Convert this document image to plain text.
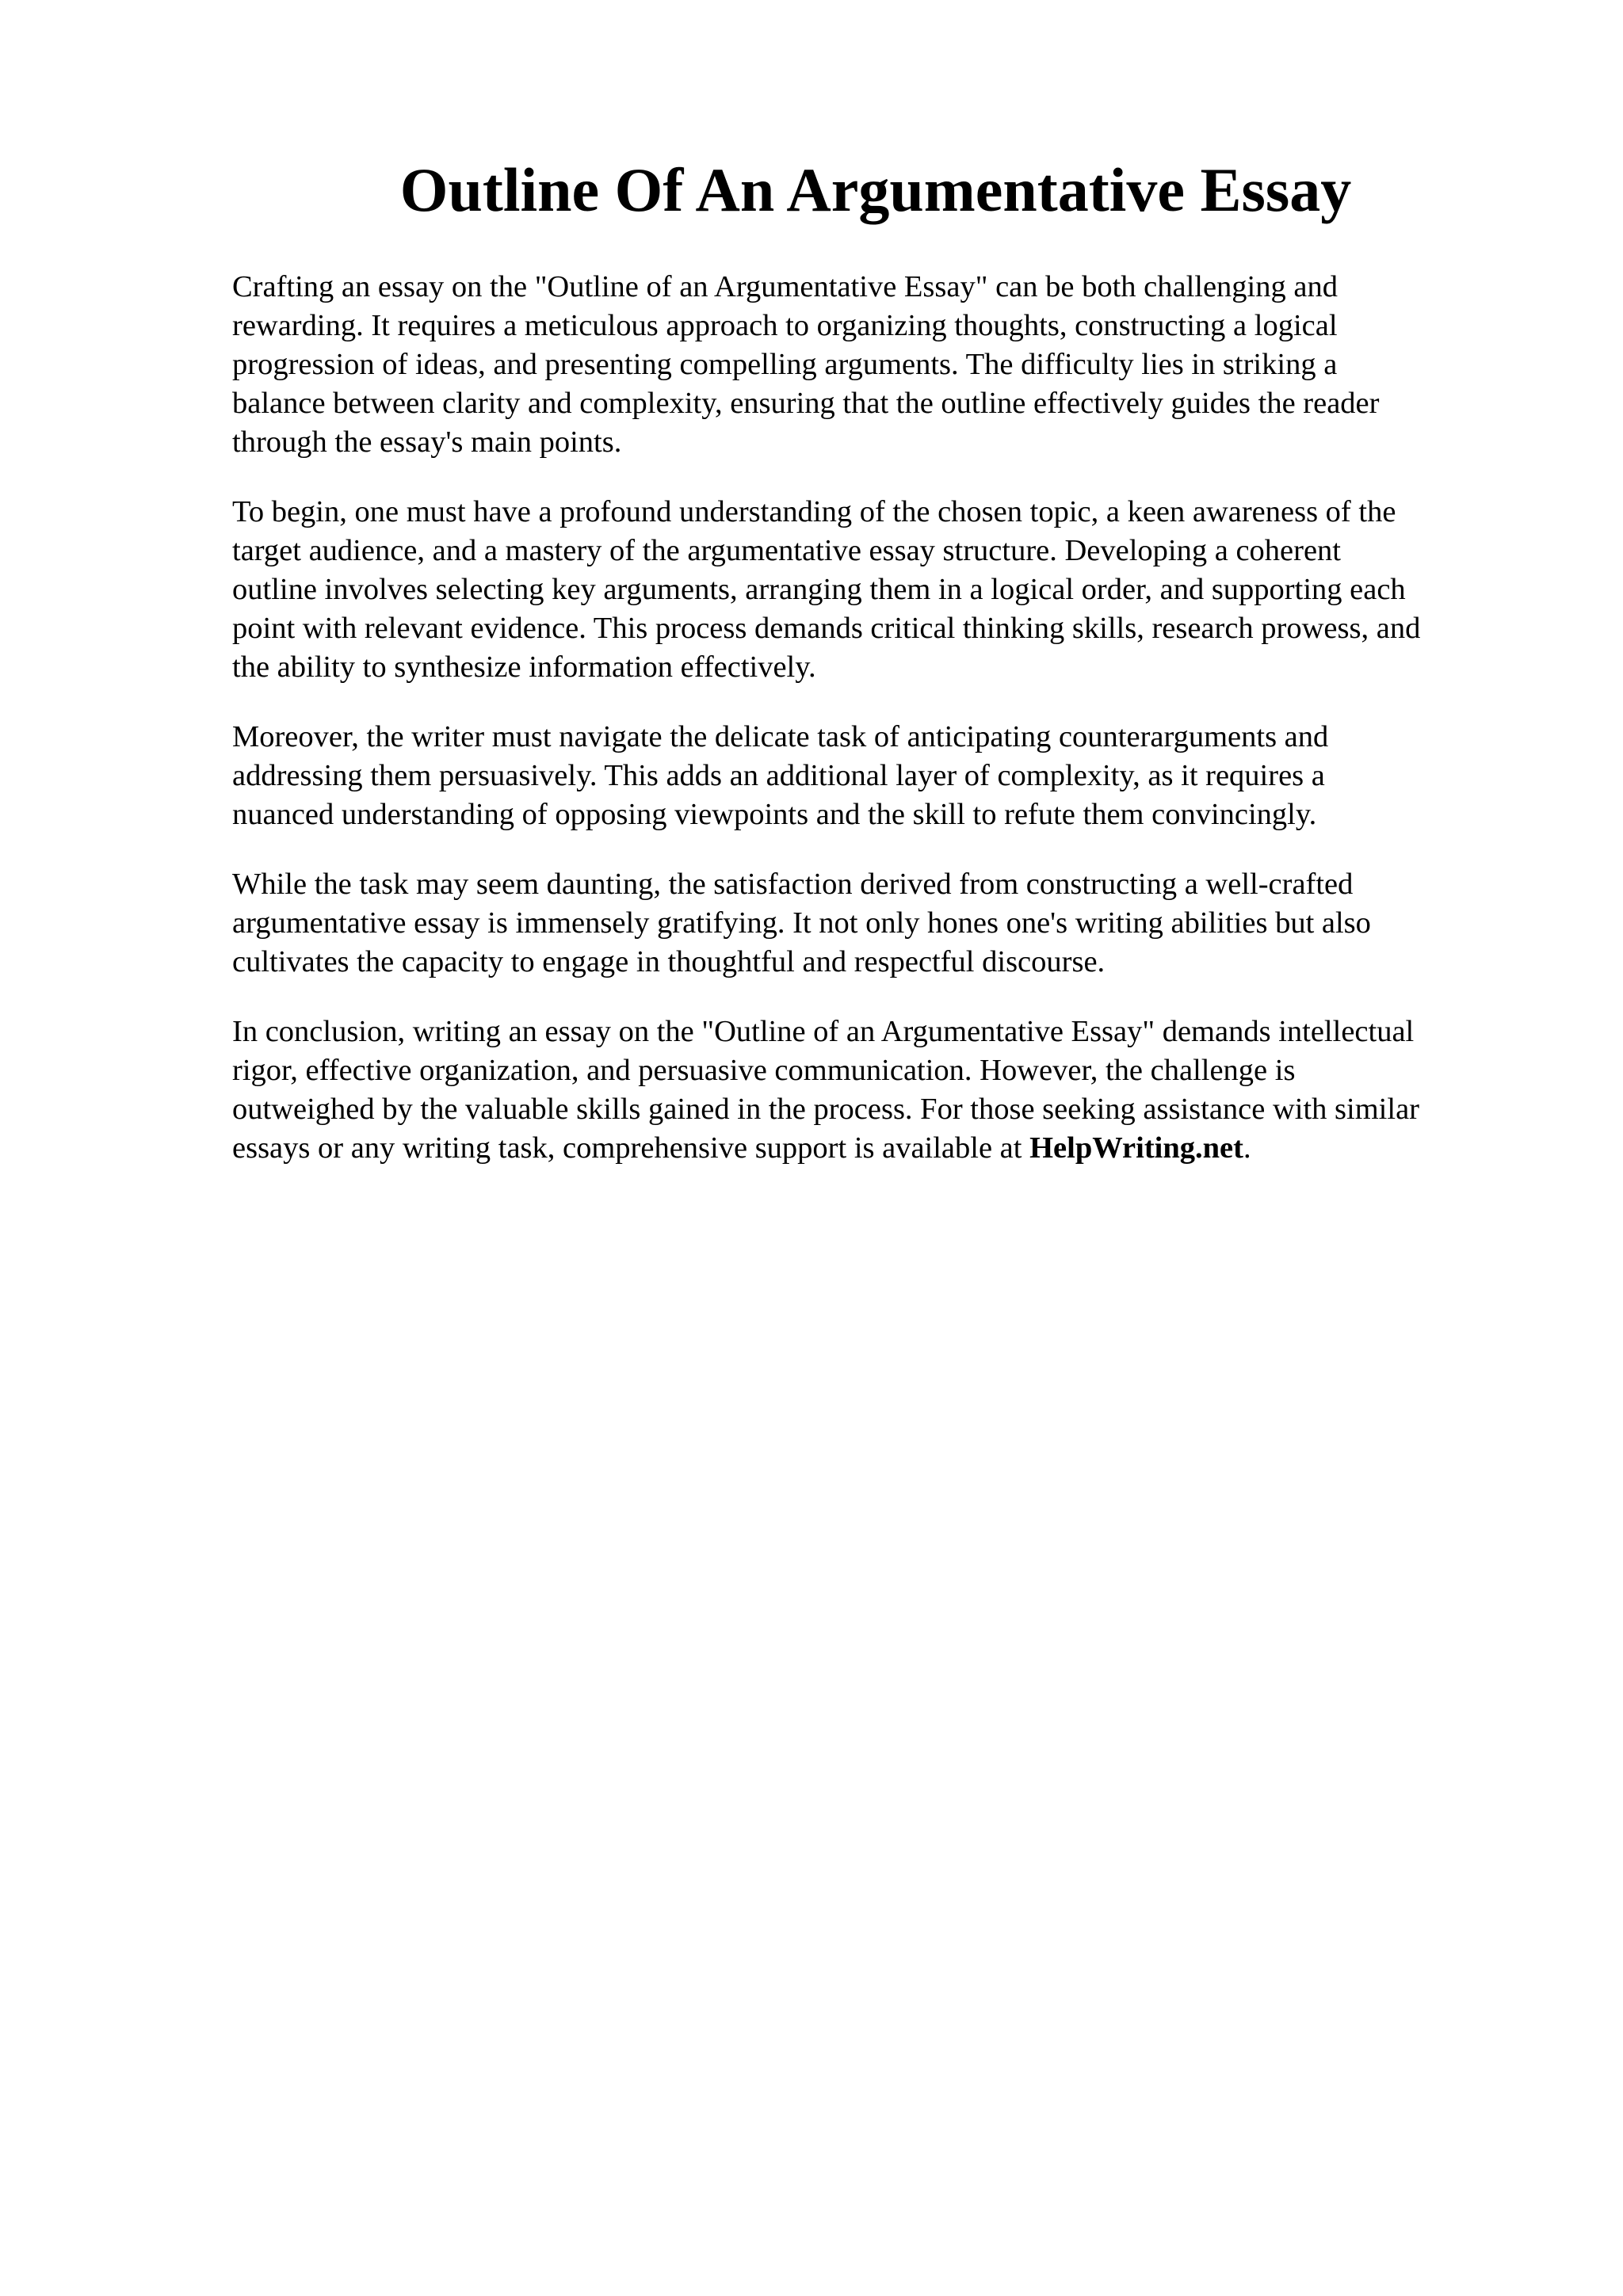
Outline Of An Argumentative Essay

Crafting an essay on the "Outline of an Argumentative Essay" can be both challenging and
rewarding. It requires a meticulous approach to organizing thoughts, constructing a logical
progression of ideas, and presenting compelling arguments. The difficulty lies in striking a
balance between clarity and complexity, ensuring that the outline effectively guides the reader
through the essay's main points.

To begin, one must have a profound understanding of the chosen topic, a keen awareness of the
target audience, and a mastery of the argumentative essay structure. Developing a coherent
outline involves selecting key arguments, arranging them in a logical order, and supporting each
point with relevant evidence. This process demands critical thinking skills, research prowess, and
the ability to synthesize information effectively.

Moreover, the writer must navigate the delicate task of anticipating counterarguments and
addressing them persuasively. This adds an additional layer of complexity, as it requires a
nuanced understanding of opposing viewpoints and the skill to refute them convincingly.

While the task may seem daunting, the satisfaction derived from constructing a well-crafted
argumentative essay is immensely gratifying. It not only hones one's writing abilities but also
cultivates the capacity to engage in thoughtful and respectful discourse.

In conclusion, writing an essay on the "Outline of an Argumentative Essay" demands intellectual
rigor, effective organization, and persuasive communication. However, the challenge is
outweighed by the valuable skills gained in the process. For those seeking assistance with similar
essays or any writing task, comprehensive support is available at HelpWriting.net.
